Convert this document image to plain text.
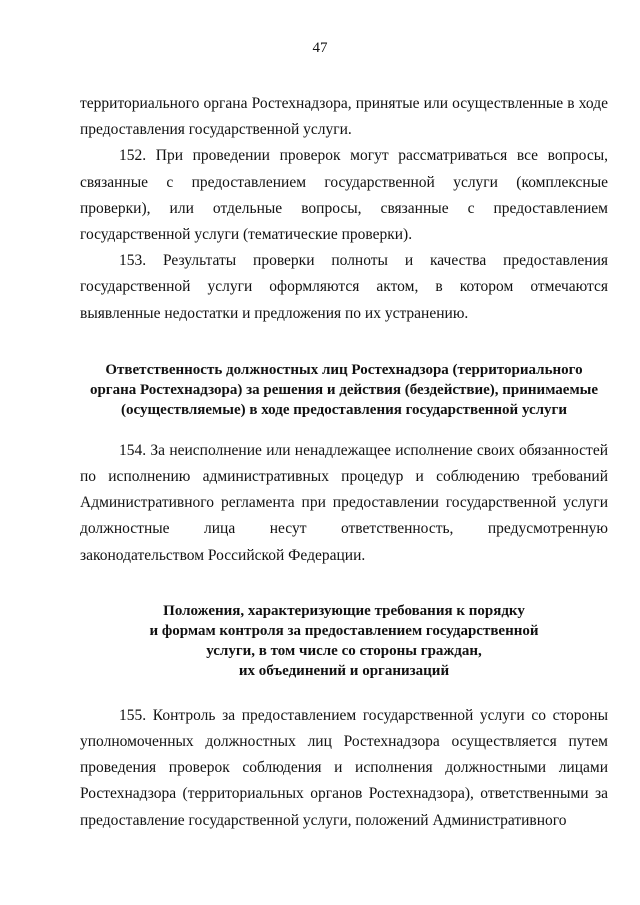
47

территориального органа Ростехнадзора, принятые или осуществленные в ходе предоставления государственной услуги.

152. При проведении проверок могут рассматриваться все вопросы, связанные с предоставлением государственной услуги (комплексные проверки), или отдельные вопросы, связанные с предоставлением государственной услуги (тематические проверки).

153. Результаты проверки полноты и качества предоставления государственной услуги оформляются актом, в котором отмечаются выявленные недостатки и предложения по их устранению.

Ответственность должностных лиц Ростехнадзора (территориального
органа Ростехнадзора) за решения и действия (бездействие), принимаемые
(осуществляемые) в ходе предоставления государственной услуги

154. За неисполнение или ненадлежащее исполнение своих обязанностей по исполнению административных процедур и соблюдению требований Административного регламента при предоставлении государственной услуги должностные лица несут ответственность, предусмотренную законодательством Российской Федерации.

Положения, характеризующие требования к порядку
и формам контроля за предоставлением государственной
услуги, в том числе со стороны граждан,
их объединений и организаций

155. Контроль за предоставлением государственной услуги со стороны уполномоченных должностных лиц Ростехнадзора осуществляется путем проведения проверок соблюдения и исполнения должностными лицами Ростехнадзора (территориальных органов Ростехнадзора), ответственными за предоставление государственной услуги, положений Административного
